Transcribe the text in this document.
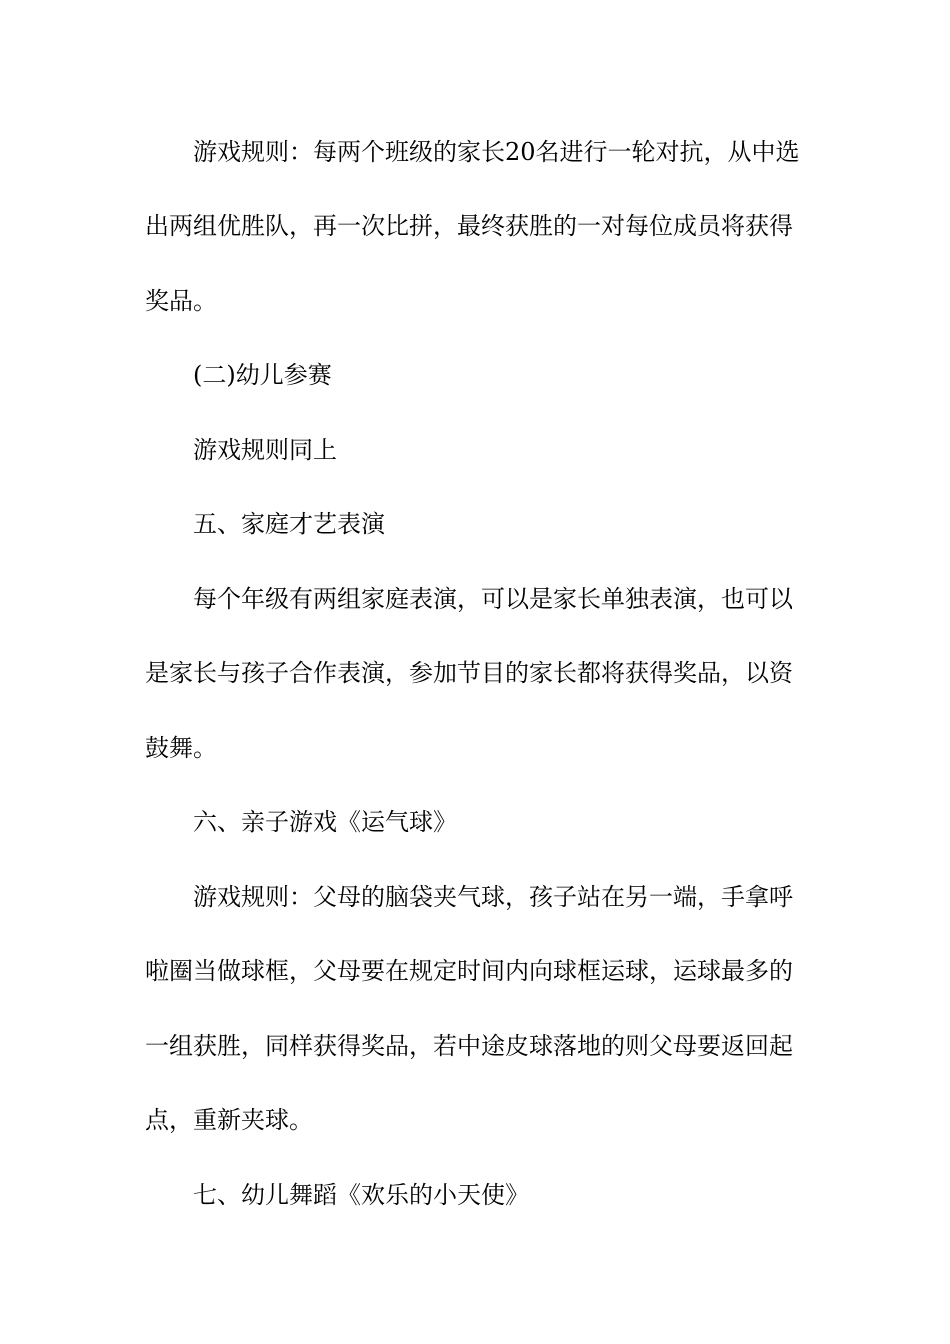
游戏规则：每两个班级的家长20名进行一轮对抗，从中选
出两组优胜队，再一次比拼，最终获胜的一对每位成员将获得
奖品。
(二)幼儿参赛
游戏规则同上
五、家庭才艺表演
每个年级有两组家庭表演，可以是家长单独表演，也可以
是家长与孩子合作表演，参加节目的家长都将获得奖品，以资
鼓舞。
六、亲子游戏《运气球》
游戏规则：父母的脑袋夹气球，孩子站在另一端，手拿呼
啦圈当做球框，父母要在规定时间内向球框运球，运球最多的
一组获胜，同样获得奖品，若中途皮球落地的则父母要返回起
点，重新夹球。
七、幼儿舞蹈《欢乐的小天使》
